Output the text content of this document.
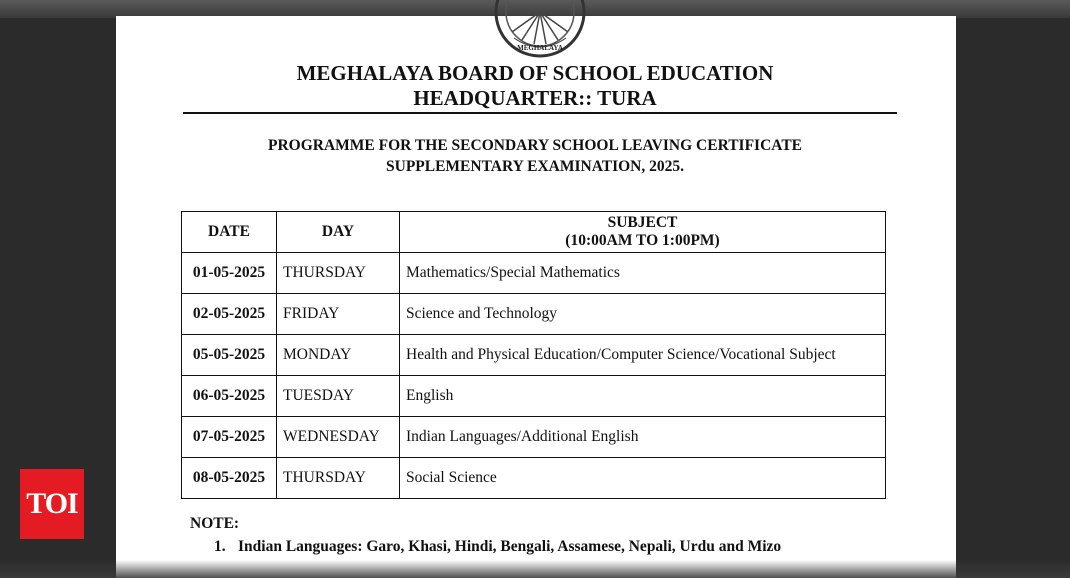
MEGHALAYA
MEGHALAYA BOARD OF SCHOOL EDUCATION
HEADQUARTER:: TURA
PROGRAMME FOR THE SECONDARY SCHOOL LEAVING CERTIFICATE
SUPPLEMENTARY EXAMINATION, 2025.
DATE	DAY	SUBJECT
(10:00AM TO 1:00PM)

01-05-2025	THURSDAY	Mathematics/Special Mathematics
02-05-2025	FRIDAY	Science and Technology
05-05-2025	MONDAY	Health and Physical Education/Computer Science/Vocational Subject
06-05-2025	TUESDAY	English
07-05-2025	WEDNESDAY	Indian Languages/Additional English
08-05-2025	THURSDAY	Social Science
NOTE:
1. Indian Languages: Garo, Khasi, Hindi, Bengali, Assamese, Nepali, Urdu and Mizo
TOI
